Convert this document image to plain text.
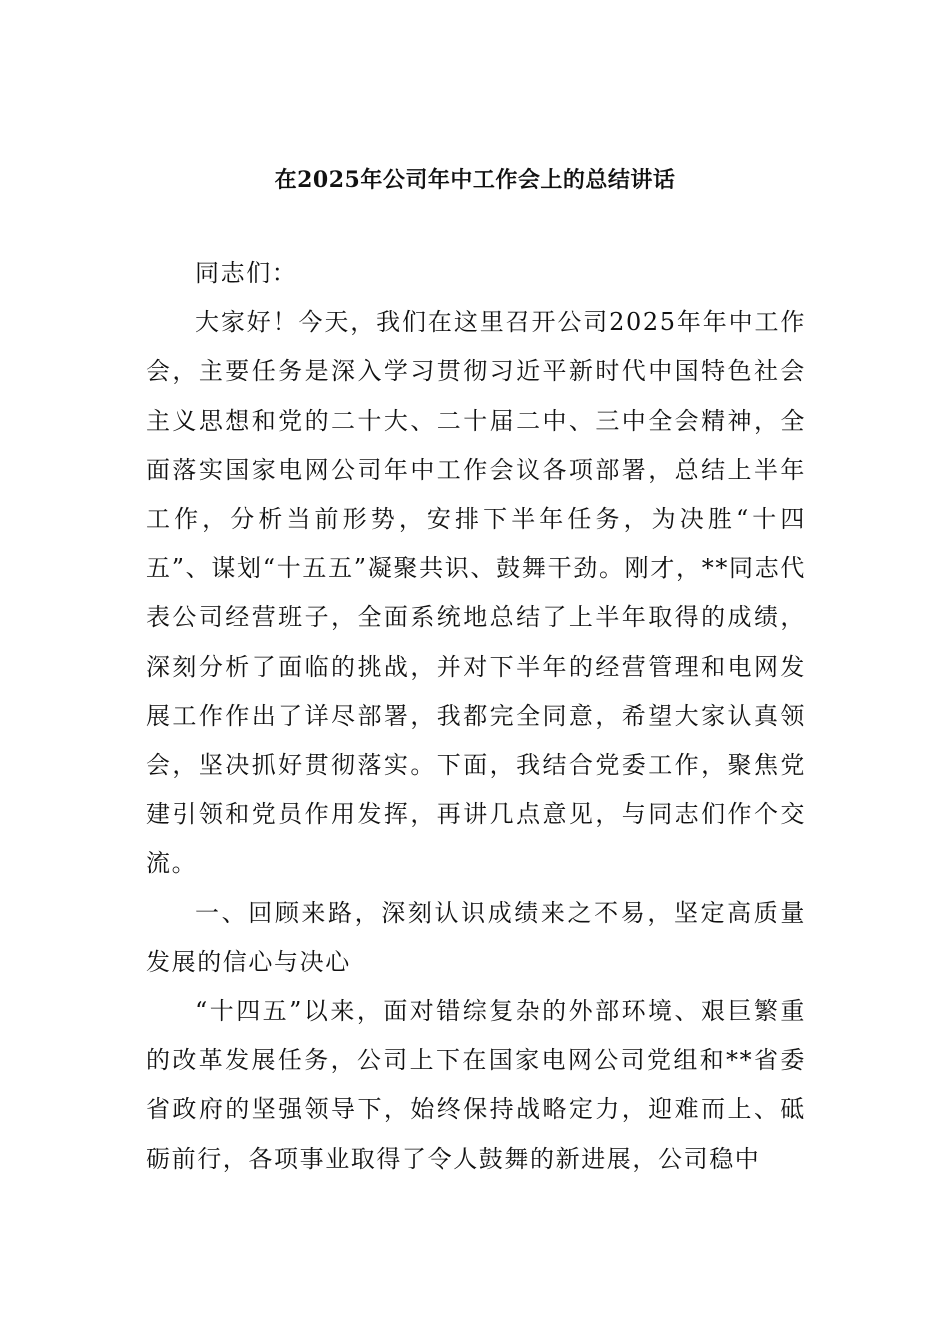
在2025年公司年中工作会上的总结讲话

同志们：

大家好！今天，我们在这里召开公司2025年年中工作会，主要任务是深入学习贯彻习近平新时代中国特色社会主义思想和党的二十大、二十届二中、三中全会精神，全面落实国家电网公司年中工作会议各项部署，总结上半年工作，分析当前形势，安排下半年任务，为决胜“十四五”、谋划“十五五”凝聚共识、鼓舞干劲。刚才，**同志代表公司经营班子，全面系统地总结了上半年取得的成绩，深刻分析了面临的挑战，并对下半年的经营管理和电网发展工作作出了详尽部署，我都完全同意，希望大家认真领会，坚决抓好贯彻落实。下面，我结合党委工作，聚焦党建引领和党员作用发挥，再讲几点意见，与同志们作个交流。

一、回顾来路，深刻认识成绩来之不易，坚定高质量发展的信心与决心

“十四五”以来，面对错综复杂的外部环境、艰巨繁重的改革发展任务，公司上下在国家电网公司党组和**省委省政府的坚强领导下，始终保持战略定力，迎难而上、砥砺前行，各项事业取得了令人鼓舞的新进展，公司稳中
